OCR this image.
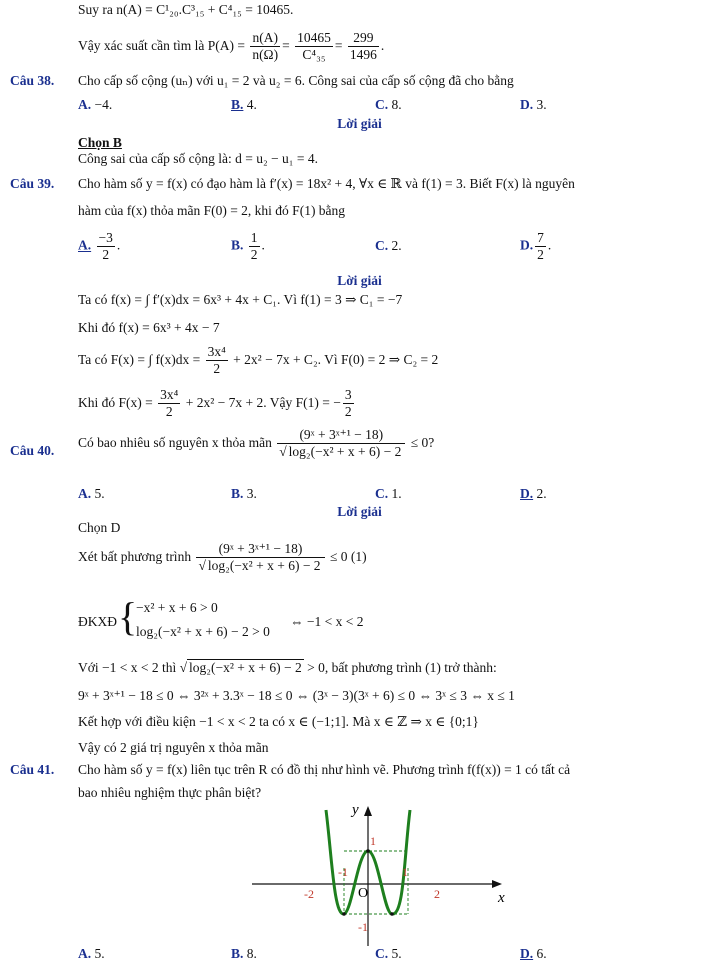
Suy ra n(A) = C¹₂₀.C³₁₅ + C⁴₁₅ = 10465.
Vậy xác suất cần tìm là $P(A) = \frac{n(A)}{n(\Omega)} = \frac{10465}{\text{C⁴₃₅}} = \frac{299}{1496}$ .
Câu 38. Cho cấp số cộng (uₙ) với u₁ = 2 và u₂ = 6. Công sai của cấp số cộng đã cho bằng
A. −4.	B. 4.	C. 8.	D. 3.
Lời giải
Chọn B
Công sai của cấp số cộng là: d = u₂ − u₁ = 4.
Câu 39. Cho hàm số y = f(x) có đạo hàm là f′(x) = 18x² + 4, ∀x ∈ ℝ và f(1) = 3. Biết F(x) là nguyên
hàm của f(x) thỏa mãn F(0) = 2, khi đó F(1) bằng
A. $\frac{-3}{2}$ .	B. $\frac{1}{2}$ .	C. 2.	D. $\frac{7}{2}$ .
Lời giải
Ta có f(x) = ∫ f′(x)dx = 6x³ + 4x + C₁. Vì f(1) = 3 ⇒ C₁ = −7
Khi đó f(x) = 6x³ + 4x − 7
Ta có F(x) = ∫ $f(x)dx = \frac{\text{3x⁴}}{2} + 2x^2 - 7x + C_2$. Vì F(0) = 2 ⇒ C₂ = 2
Khi đó $F(x) = \frac{\text{3x⁴}}{2} + 2x^2 - 7x + 2$. Vậy F(1) = − $\frac{3}{2}$
Câu 40.
Có bao nhiêu số nguyên x thỏa mãn $\frac{\text{(9ˣ + 3ˣ⁺¹ − 18)}}{\text{√ log₂(−x² + x + 6) − 2}} \le 0$?
A. 5.	B. 3.	C. 1.	D. 2.
Lời giải
Chọn D
Xét bất phương trình $\frac{\text{(9ˣ + 3ˣ⁺¹ − 18)}}{\text{√ log₂(−x² + x + 6) − 2}} \le 0$ (1)
ĐKXĐ {
−x² + x + 6 > 0
log₂(−x² + x + 6) − 2 > 0
⇔ −1 < x < 2
Với −1 < x < 2 thì √ log₂(−x² + x + 6) − 2 > 0, bất phương trình (1) trở thành:
9ˣ + 3ˣ⁺¹ − 18 ≤ 0 ⇔ 3²ˣ + 3.3ˣ − 18 ≤ 0 ⇔ (3ˣ − 3)(3ˣ + 6) ≤ 0 ⇔ 3ˣ ≤ 3 ⇔ x ≤ 1
Kết hợp với điều kiện −1 < x < 2 ta có x ∈ (−1;1]. Mà x ∈ ℤ ⇒ x ∈ {0;1}
Vậy có 2 giá trị nguyên x thỏa mãn
Câu 41. Cho hàm số y = f(x) liên tục trên R có đồ thị như hình vẽ. Phương trình f(f(x)) = 1 có tất cả
bao nhiêu nghiệm thực phân biệt?
y
x
O
1
-1
-2
-1	1
2
A. 5.	B. 8.	C. 5.	D. 6.
